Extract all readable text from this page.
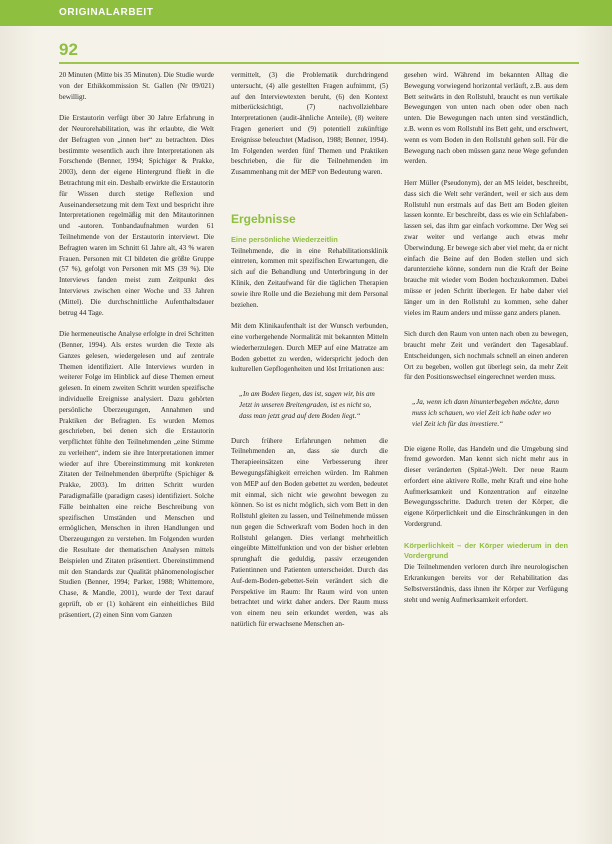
ORIGINALARBEIT
92

20 Minuten (Mitte bis 35 Minuten). Die Studie wurde von der Ethikkommission St. Gallen (Nr 09/021) bewilligt.

Die Erstautorin verfügt über 30 Jahre Erfahrung in der Neurorehabilitation, was ihr erlaubte, die Welt der Befragten von „innen her“ zu betrachten. Dies bestimmte wesentlich auch ihre Interpretationen als Forschende (Benner, 1994; Spichiger & Prakke, 2003), denn der eigene Hintergrund fließt in die Betrachtung mit ein. Deshalb erwirkte die Erstautorin für Wissen durch stetige Reflexion und Auseinandersetzung mit dem Text und bespricht ihre Interpretationen regelmäßig mit den Mitautorinnen und -autoren. Tonbandaufnahmen wurden 61 Teilnehmende von der Erstautorin interviewt. Die Befragten waren im Schnitt 61 Jahre alt, 43 % waren Frauen. Personen mit CI bildeten die größte Gruppe (57 %), gefolgt von Personen mit MS (39 %). Die Interviews fanden meist zum Zeitpunkt des Interviews zwischen einer Woche und 33 Jahren (Mittel). Die durchschnittliche Aufenthaltsdauer betrug 44 Tage.

Die hermeneutische Analyse erfolgte in drei Schritten (Benner, 1994). Als erstes wurden die Texte als Ganzes gelesen, wiedergelesen und auf zentrale Themen identifiziert. Alle Interviews wurden in weiterer Folge im Hinblick auf diese Themen erneut gelesen. In einem zweiten Schritt wurden spezifische individuelle Ereignisse analysiert. Dazu gehörten persönliche Überzeugungen, Annahmen und Praktiken der Befragten. Es wurden Memos geschrieben, bei denen sich die Erstautorin verpflichtet fühlte den Teilnehmenden „eine Stimme zu verleihen“, indem sie ihre Interpretationen immer wieder auf ihre Übereinstimmung mit konkreten Zitaten der Teilnehmenden überprüfte (Spichiger & Prakke, 2003). Im dritten Schritt wurden Paradigmafälle (paradigm cases) identifiziert. Solche Fälle beinhalten eine reiche Beschreibung von spezifischen Umständen und Menschen und ermöglichen, Menschen in ihren Handlungen und Überzeugungen zu verstehen. Im Folgenden wurden die Resultate der thematischen Analysen mittels Beispielen und Zitaten präsentiert. Übereinstimmend mit den Standards zur Qualität phänomenologischer Studien (Benner, 1994; Parker, 1988; Whittemore, Chase, & Mandle, 2001), wurde der Text darauf geprüft, ob er (1) kohärent ein einheitliches Bild präsentiert, (2) einen Sinn vom Ganzen

vermittelt, (3) die Problematik durchdringend untersucht, (4) alle gestellten Fragen aufnimmt, (5) auf den Interviewtexten beruht, (6) den Kontext mitberücksichtigt, (7) nachvollziehbare Interpretationen (audit-ähnliche Anteile), (8) weitere Fragen generiert und (9) potentiell zukünftige Ereignisse beleuchtet (Madison, 1988; Benner, 1994). Im Folgenden werden fünf Themen und Praktiken beschrieben, die für die Teilnehmenden im Zusammenhang mit der MEP von Bedeutung waren.

Ergebnisse
Eine persönliche Wiederzeitlin

Teilnehmende, die in eine Rehabilitationsklinik eintreten, kommen mit spezifischen Erwartungen, die sich auf die Behandlung und Unterbringung in der Klinik, den Zeitaufwand für die täglichen Therapien sowie ihre Rolle und die Beziehung mit dem Personal beziehen.

Mit dem Klinikaufenthalt ist der Wunsch verbunden, eine vorhergehende Normalität mit bekannten Mitteln wiederherzulegen. Durch MEP auf eine Matratze am Boden gebettet zu werden, widerspricht jedoch den kulturellen Gepflogenheiten und löst Irritationen aus:

„In am Boden liegen, das ist, sagen wir, bis am Jetzt in unseren Breitengraden, ist es nicht so, dass man jetzt grad auf dem Boden liegt.“

Durch frühere Erfahrungen nehmen die Teilnehmenden an, dass sie durch die Therapieeinsätzen eine Verbesserung ihrer Bewegungsfähigkeit erreichen würden. Im Rahmen von MEP auf den Boden gebettet zu werden, bedeutet mit einmal, sich nicht wie gewohnt bewegen zu können. So ist es nicht möglich, sich vom Bett in den Rollstuhl gleiten zu lassen, und Teilnehmende müssen nun gegen die Schwerkraft vom Boden hoch in den Rollstuhl gelangen. Dies verlangt mehrheitlich eingeübte Mittelfunktion und von der bisher erlebten sprunghaft die geduldig, passiv erzeugenden Patientinnen und Patienten unterscheidet. Durch das Auf-dem-Boden-gebettet-Sein verändert sich die Perspektive im Raum: Ihr Raum wird von unten betrachtet und wirkt daher anders. Der Raum muss von einem neu sein erkundet werden, was als natürlich für erwachsene Menschen an-

gesehen wird. Während im bekannten Alltag die Bewegung vorwiegend horizontal verläuft, z.B. aus dem Bett seitwärts in den Rollstuhl, braucht es nun vertikale Bewegungen von unten nach oben oder oben nach unten. Die Bewegungen nach unten sind verständlich, z.B. wenn es vom Rollstuhl ins Bett geht, und erschwert, wenn es vom Boden in den Rollstuhl gehen soll. Für die Bewegung nach oben müssen ganz neue Wege gefunden werden.

Herr Müller (Pseudonym), der an MS leidet, beschreibt, dass sich die Welt sehr verändert, weil er sich aus dem Rollstuhl nun erstmals auf das Bett am Boden gleiten lassen konnte. Er beschreibt, dass es wie ein Schlafaben-lassen sei, das ihm gar einfach vorkomme. Der Weg sei zwar weiter und verlange auch etwas mehr Überwindung. Er bewege sich aber viel mehr, da er nicht einfach die Beine auf den Boden stellen und sich darunterziehe könne, sondern nun die Kraft der Beine brauche mit wieder vom Boden hochzukommen. Dabei müsse er jeden Schritt überlegen. Er habe daher viel länger um in den Rollstuhl zu kommen, sehe daher vieles im Raum anders und müsse ganz anders planen.

Sich durch den Raum von unten nach oben zu bewegen, braucht mehr Zeit und verändert den Tagesablauf. Entscheidungen, sich nochmals schnell an einen anderen Ort zu begeben, wollen gut überlegt sein, da mehr Zeit für den Positionswechsel eingerechnet werden muss.

„Ja, wenn ich dann hinunterbegeben möchte, dann muss ich schauen, wo viel Zeit ich habe oder wo viel Zeit ich für das investiere.“

Die eigene Rolle, das Handeln und die Umgebung sind fremd geworden. Man kennt sich nicht mehr aus in dieser veränderten (Spital-)Welt. Der neue Raum erfordert eine aktivere Rolle, mehr Kraft und eine hohe Aufmerksamkeit und Konzentration auf einzelne Bewegungsschritte. Dadurch treten der Körper, die eigene Körperlichkeit und die Einschränkungen in den Vordergrund.

Körperlichkeit – der Körper wiederum in den Vordergrund

Die Teilnehmenden verloren durch ihre neurologischen Erkrankungen bereits vor der Rehabilitation das Selbstverständnis, dass ihnen ihr Körper zur Verfügung steht und wenig Aufmerksamkeit erfordert.
